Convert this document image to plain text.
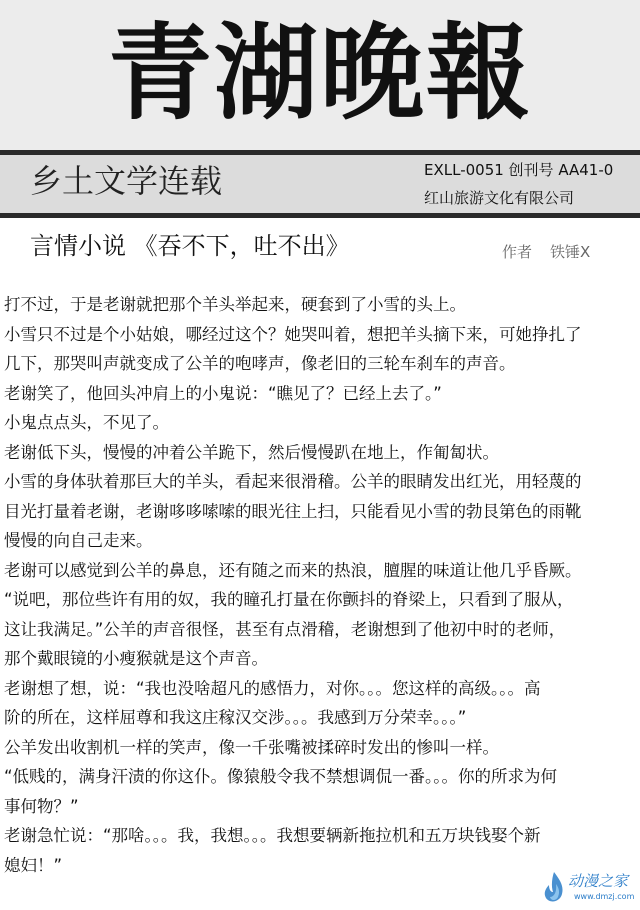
青湖晚報
乡土文学连载	EXLL-0051 创刊号 AA41-0
红山旅游文化有限公司
言情小说 《吞不下，吐不出》	作者 铁锤X

打不过，于是老谢就把那个羊头举起来，硬套到了小雪的头上。

小雪只不过是个小姑娘，哪经过这个？她哭叫着，想把羊头摘下来，可她挣扎了

几下，那哭叫声就变成了公羊的咆哮声，像老旧的三轮车刹车的声音。

老谢笑了，他回头冲肩上的小鬼说：“瞧见了？已经上去了。”

小鬼点点头，不见了。

老谢低下头，慢慢的冲着公羊跪下，然后慢慢趴在地上，作匍匐状。

小雪的身体驮着那巨大的羊头，看起来很滑稽。公羊的眼睛发出红光，用轻蔑的

目光打量着老谢，老谢哆哆嗦嗦的眼光往上扫，只能看见小雪的勃艮第色的雨靴

慢慢的向自己走来。

老谢可以感觉到公羊的鼻息，还有随之而来的热浪，膻腥的味道让他几乎昏厥。

“说吧，那位些许有用的奴，我的瞳孔打量在你颤抖的脊梁上，只看到了服从，

这让我满足。”公羊的声音很怪，甚至有点滑稽，老谢想到了他初中时的老师，

那个戴眼镜的小瘦猴就是这个声音。

老谢想了想，说：“我也没啥超凡的感悟力，对你。。。您这样的高级。。。高

阶的所在，这样屈尊和我这庄稼汉交涉。。。我感到万分荣幸。。。”

公羊发出收割机一样的笑声，像一千张嘴被揉碎时发出的惨叫一样。

“低贱的，满身汗渍的你这仆。像猿般令我不禁想调侃一番。。。你的所求为何

事何物？”

老谢急忙说：“那啥。。。我，我想。。。我想要辆新拖拉机和五万块钱娶个新

媳妇！”

动漫之家
www.dmzj.com
